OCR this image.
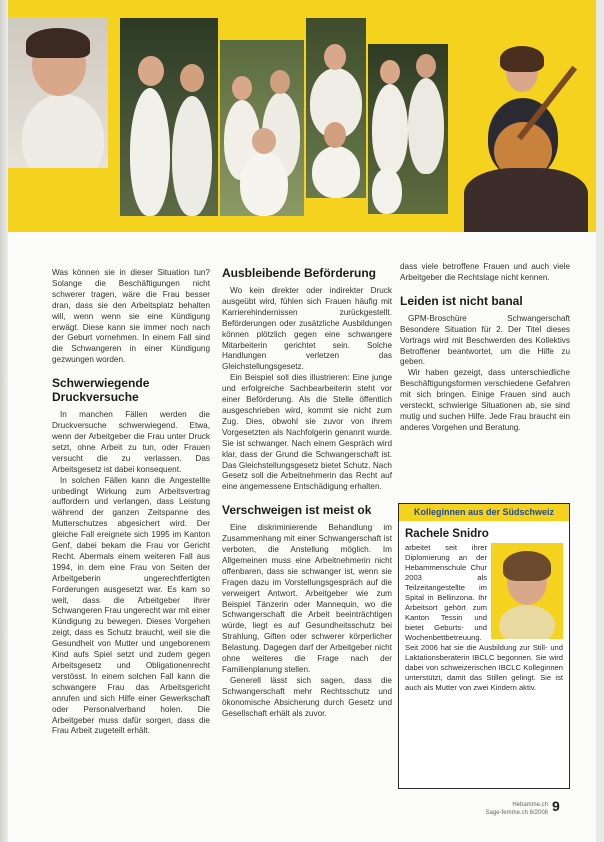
Was können sie in dieser Situation tun? Solange die Beschäftigungen nicht schwerer tragen, wäre die Frau besser dran, dass sie den Arbeitsplatz behalten will, wenn wenn sie eine Kündigung erwägt. Diese kann sie immer noch nach der Geburt vornehmen. In einem Fall sind die Schwangeren in einer Kündigung gezwungen worden.

Schwerwiegende Druckversuche

In manchen Fällen werden die Druckversuche schwerwiegend. Etwa, wenn der Arbeitgeber die Frau unter Druck setzt, ohne Arbeit zu tun, oder Frauen versucht die zu verlassen. Das Arbeitsgesetz ist dabei konsequent.

In solchen Fällen kann die Angestellte unbedingt Wirkung zum Arbeitsvertrag auffordern und verlangen, dass Leistung während der ganzen Zeitspanne des Mutterschutzes abgesichert wird. Der gleiche Fall ereignete sich 1995 im Kanton Genf, dabei bekam die Frau vor Gericht Recht. Abermals einem weiteren Fall aus 1994, in dem eine Frau von Seiten der Arbeitgeberin ungerechtfertigten Forderungen ausgesetzt war. Es kam so weit, dass die Arbeitgeber ihrer Schwangeren Frau ungerecht war mit einer Kündigung zu bewegen. Dieses Vorgehen zeigt, dass es Schutz braucht, weil sie die Gesundheit von Mutter und ungeborenem Kind aufs Spiel setzt und zudem gegen Arbeitsgesetz und Obligationenrecht verstösst. In einem solchen Fall kann die schwangere Frau das Arbeitsgericht anrufen und sich Hilfe einer Gewerkschaft oder Personalverband holen. Die Arbeitgeber muss dafür sorgen, dass die Frau Arbeit zugeteilt erhält.

Ausbleibende Beförderung

Wo kein direkter oder indirekter Druck ausgeübt wird, fühlen sich Frauen häufig mit Karrierehindernissen zurückgestellt. Beförderungen oder zusätzliche Ausbildungen können plötzlich gegen eine schwangere Mitarbeiterin gerichtet sein. Solche Handlungen verletzen das Gleichstellungsgesetz.

Ein Beispiel soll dies illustrieren: Eine junge und erfolgreiche Sachbearbeiterin steht vor einer Beförderung. Als die Stelle öffentlich ausgeschrieben wird, kommt sie nicht zum Zug. Dies, obwohl sie zuvor von ihrem Vorgesetzten als Nachfolgerin genannt wurde. Sie ist schwanger. Nach einem Gespräch wird klar, dass der Grund die Schwangerschaft ist. Das Gleichstellungsgesetz bietet Schutz. Nach Gesetz soll die Arbeitnehmerin das Recht auf eine angemessene Entschädigung erhalten.

Verschweigen ist meist ok

Eine diskriminierende Behandlung im Zusammenhang mit einer Schwangerschaft ist verboten, die Anstellung möglich. Im Allgemeinen muss eine Arbeitnehmerin nicht offenbaren, dass sie schwanger ist, wenn sie Fragen dazu im Vorstellungsgespräch auf die verweigert Antwort. Arbeitgeber wie zum Beispiel Tänzerin oder Mannequin, wo die Schwangerschaft die Arbeit beeinträchtigen würde, liegt es auf Gesundheitsschutz bei Strahlung, Giften oder schwerer körperlicher Belastung. Dagegen darf der Arbeitgeber nicht ohne weiteres die Frage nach der Familienplanung stellen.

Generell lässt sich sagen, dass die Schwangerschaft mehr Rechtsschutz und ökonomische Absicherung durch Gesetz und Gesellschaft erhält als zuvor.

dass viele betroffene Frauen und auch viele Arbeitgeber die Rechtslage nicht kennen.

Leiden ist nicht banal

GPM-Broschüre Schwangerschaft Besondere Situation für 2. Der Titel dieses Vortrags wird mit Beschwerden des Kollektivs Betroffener beantwortet, um die Hilfe zu geben.

Wir haben gezeigt, dass unterschiedliche Beschäftigungsformen verschiedene Gefahren mit sich bringen. Einige Frauen sind auch versteckt, schwierige Situationen ab, sie sind mutig und suchen Hilfe. Jede Frau braucht ein anderes Vorgehen und Beratung.

Kolleginnen aus der Südschweiz
Rachele Snidro
arbeitet seit ihrer Diplomierung an der Hebammenschule Chur 2003 als Teilzeitangestellte im Spital in Bellinzona. Ihr Arbeitsort gehört zum Kanton Tessin und bietet Geburts- und Wochenbettbetreuung. Seit 2006 hat sie die Ausbildung zur Still- und Laktationsberaterin IBCLC begonnen. Sie wird dabei von schweizerischen IBCLC Kolleginnen unterstützt, damit das Stillen gelingt. Sie ist auch als Mutter von zwei Kindern aktiv.
Hebamme.ch
Sage-femme.ch 6/2008 9
